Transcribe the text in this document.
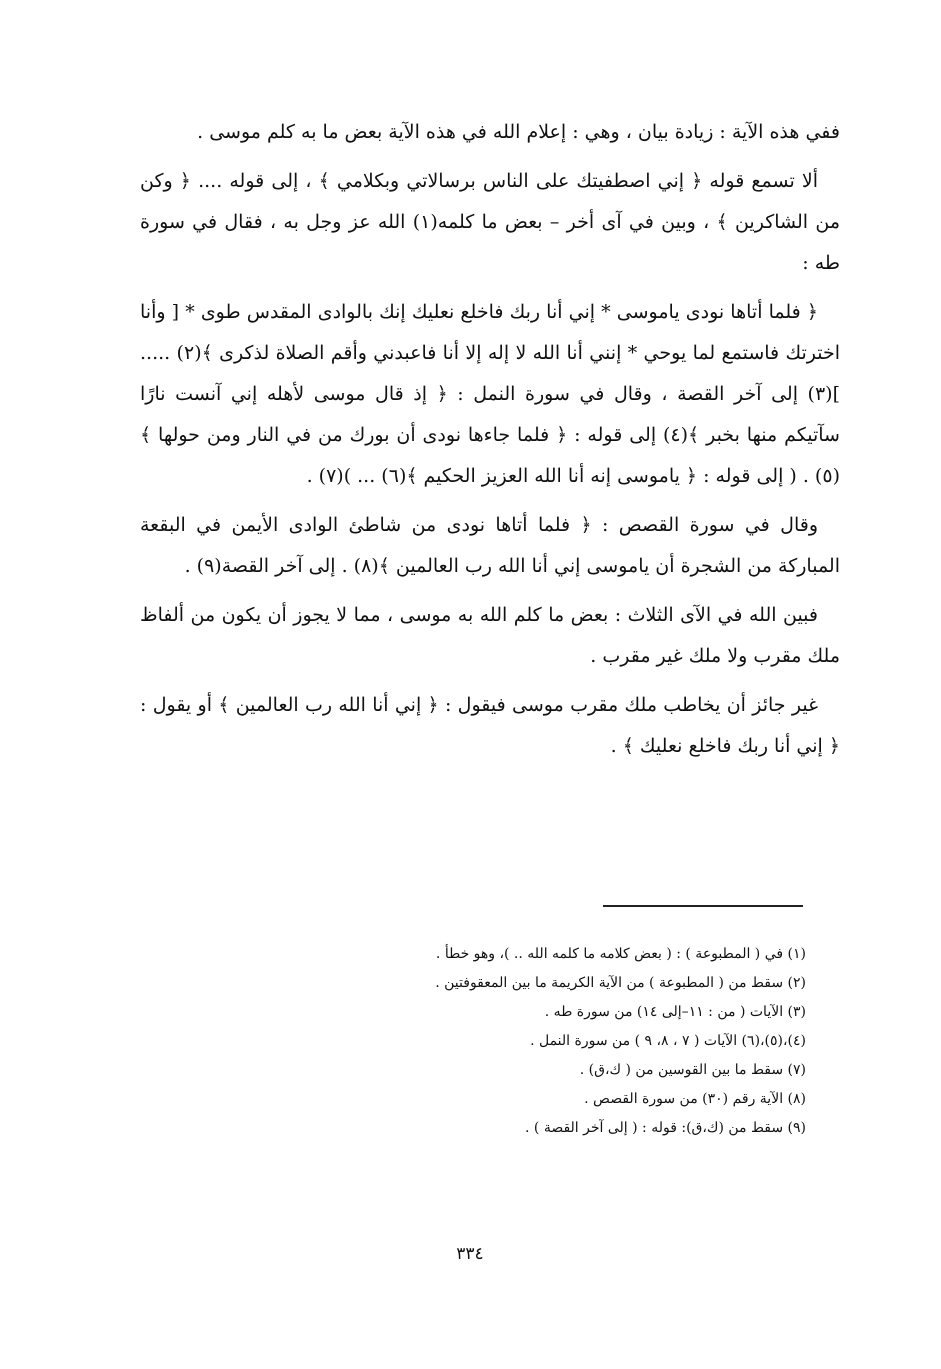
ففي هذه الآية : زيادة بيان ، وهي : إعلام الله في هذه الآية بعض ما به كلم موسى .

ألا تسمع قوله ﴿ إني اصطفيتك على الناس برسالاتي وبكلامي ﴾ ، إلى قوله .... ﴿ وكن من الشاكرين ﴾ ، وبين في آى أخر – بعض ما كلمه(١) الله عز وجل به ، فقال في سورة طه :

﴿ فلما أتاها نودى ياموسى * إني أنا ربك فاخلع نعليك إنك بالوادى المقدس طوى * [ وأنا اخترتك فاستمع لما يوحي * إنني أنا الله لا إله إلا أنا فاعبدني وأقم الصلاة لذكرى ﴾(٢) ..... ](٣) إلى آخر القصة ، وقال في سورة النمل : ﴿ إذ قال موسى لأهله إني آنست نارًا سآتيكم منها بخبر ﴾(٤) إلى قوله : ﴿ فلما جاءها نودى أن بورك من في النار ومن حولها ﴾(٥) . ( إلى قوله : ﴿ ياموسى إنه أنا الله العزيز الحكيم ﴾(٦) ... )(٧) .

وقال في سورة القصص : ﴿ فلما أتاها نودى من شاطئ الوادى الأيمن في البقعة المباركة من الشجرة أن ياموسى إني أنا الله رب العالمين ﴾(٨) . إلى آخر القصة(٩) .

فبين الله في الآى الثلاث : بعض ما كلم الله به موسى ، مما لا يجوز أن يكون من ألفاظ ملك مقرب ولا ملك غير مقرب .

غير جائز أن يخاطب ملك مقرب موسى فيقول : ﴿ إني أنا الله رب العالمين ﴾ أو يقول : ﴿ إني أنا ربك فاخلع نعليك ﴾ .

(١) في ( المطبوعة ) : ( بعض كلامه ما كلمه الله .. )، وهو خطأ .
(٢) سقط من ( المطبوعة ) من الآية الكريمة ما بين المعقوفتين .
(٣) الآيات ( من : ١١–إلى ١٤) من سورة طه .
(٤)،(٥)،(٦) الآيات ( ٧ ، ٨، ٩ ) من سورة النمل .
(٧) سقط ما بين القوسين من ( ك،ق) .
(٨) الآية رقم (٣٠) من سورة القصص .
(٩) سقط من (ك،ق): قوله : ( إلى آخر القصة ) .
٣٣٤
